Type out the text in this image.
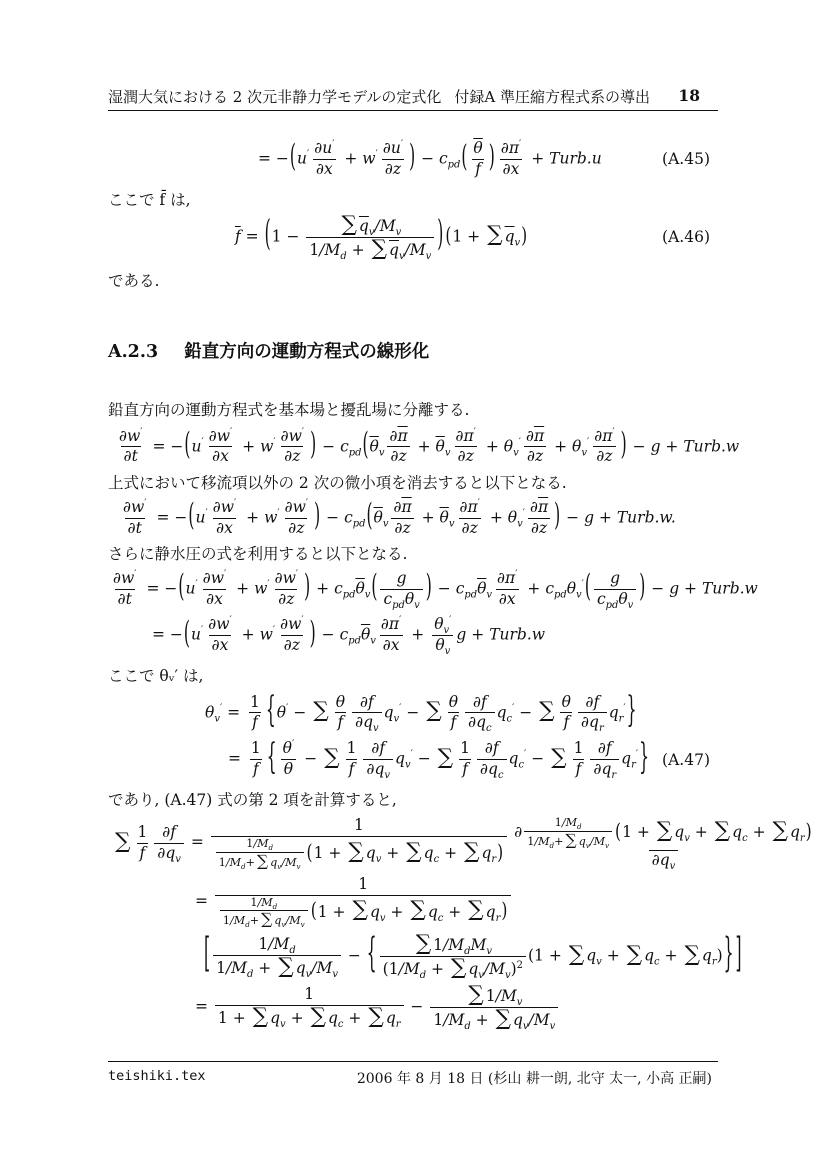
湿潤大気における 2 次元非静力学モデルの定式化 付録A 準圧縮方程式系の導出 18
= $-(u' \frac{\partial u'}{\partial x} + w' \frac{\partial u'}{\partial z}$ ) − $c_{pd}( \frac{\overline{\theta}}{f}$ ) $\frac{\partial\pi'}{\partial x}$ + Turb.u	(A.45)

ここで f̄ は,

$\overline{f} = (1 - \frac{\sum \overline{q}_v/M_v}{1/M_d + \sum \overline{q}_v/M_v}$ ) (1 + ∑ $\overline{q}_v$)	(A.46)

である.

A.2.3 鉛直方向の運動方程式の線形化

鉛直方向の運動方程式を基本場と擾乱場に分離する.

$\frac{\partial w'}{\partial t} = -(u' \frac{\partial w'}{\partial x} + w' \frac{\partial w'}{\partial z}$ ) − $c_{pd}(\overline{\theta}_v \frac{\partial\overline{\pi}}{\partial z} + \overline{\theta}_v \frac{\partial\pi'}{\partial z} + \theta_v' \frac{\partial\overline{\pi}}{\partial z} + \theta_v' \frac{\partial\pi'}{\partial z}$ ) − g + Turb.w

上式において移流項以外の 2 次の微小項を消去すると以下となる.

$\frac{\partial w'}{\partial t} = -(u' \frac{\partial w'}{\partial x} + w' \frac{\partial w'}{\partial z}$ ) − $c_{pd}(\overline{\theta}_v \frac{\partial\overline{\pi}}{\partial z} + \overline{\theta}_v \frac{\partial\pi'}{\partial z} + \theta_v' \frac{\partial\overline{\pi}}{\partial z}$ ) − g + Turb.w.

さらに静水圧の式を利用すると以下となる.

$\frac{\partial w'}{\partial t} = -(u' \frac{\partial w'}{\partial x} + w' \frac{\partial w'}{\partial z}$ ) + $c_{pd}\overline{\theta}_v$( g
$c_{pd}\overline{\theta}_v$
) − $c_{pd}\overline{\theta}_v \frac{\partial\pi'}{\partial x} + c_{pd}\theta_v'$( g
$c_{pd}\overline{\theta}_v$
) − g + Turb.w
= $-(u' \frac{\partial w'}{\partial x} + w' \frac{\partial w'}{\partial z}$ ) − $c_{pd}\overline{\theta}_v \frac{\partial\pi'}{\partial x} + \frac{\theta_v'}{\overline{\theta}_v}$ g + Turb.w

ここで θᵥ′ は,

$\theta_v' = \frac{1}{f} \{\theta'$ − ∑ $\frac{\theta}{f} \frac{\partial f}{\partial q_v} q_v'$ − ∑ $\frac{\theta}{f} \frac{\partial f}{\partial q_c} q_c'$ − ∑ $\frac{\theta}{f} \frac{\partial f}{\partial q_r} q_r'$}
= $\frac{1}{f}$ { $\frac{\theta'}{\theta}$ − ∑ $\frac{1}{f} \frac{\partial f}{\partial q_v} q_v'$ − ∑ $\frac{1}{f} \frac{\partial f}{\partial q_c} q_c'$ − ∑ $\frac{1}{f} \frac{\partial f}{\partial q_r} q_r'$} (A.47)

であり, (A.47) 式の第 2 項を計算すると,

∑ $\frac{1}{f} \frac{\partial f}{\partial q_v} = \frac{1}{\frac{1/M_d}{1/M_d+ \sum q_v/M_v} (1 + \sum q_v + \sum q_c + \sum q_r)} \frac{\partial \frac{1/M_d}{1/M_d+ \sum q_v/M_v} (1 + \sum q_v + \sum q_c + \sum q_r)}{\partial q_v}$
= $\frac{1}{\frac{1/M_d}{1/M_d+ \sum q_v/M_v} (1 + \sum q_v + \sum q_c + \sum q_r)}$
[ $\frac{1/M_d}{1/M_d + \sum q_v/M_v}$ − { ∑ $1/M_dM_v$
($1/M_d$ + ∑ $q_v/M_v)^2$
(1 + ∑ $q_v$ + ∑ $q_c$ + ∑ $q_r$)} ]
= $\frac{1}{1 + \sum q_v + \sum q_c + \sum q_r} - \frac{\sum 1/M_v}{1/M_d + \sum q_v/M_v}$
teishiki.tex	2006 年 8 月 18 日 (杉山 耕一朗, 北守 太一, 小高 正嗣)
